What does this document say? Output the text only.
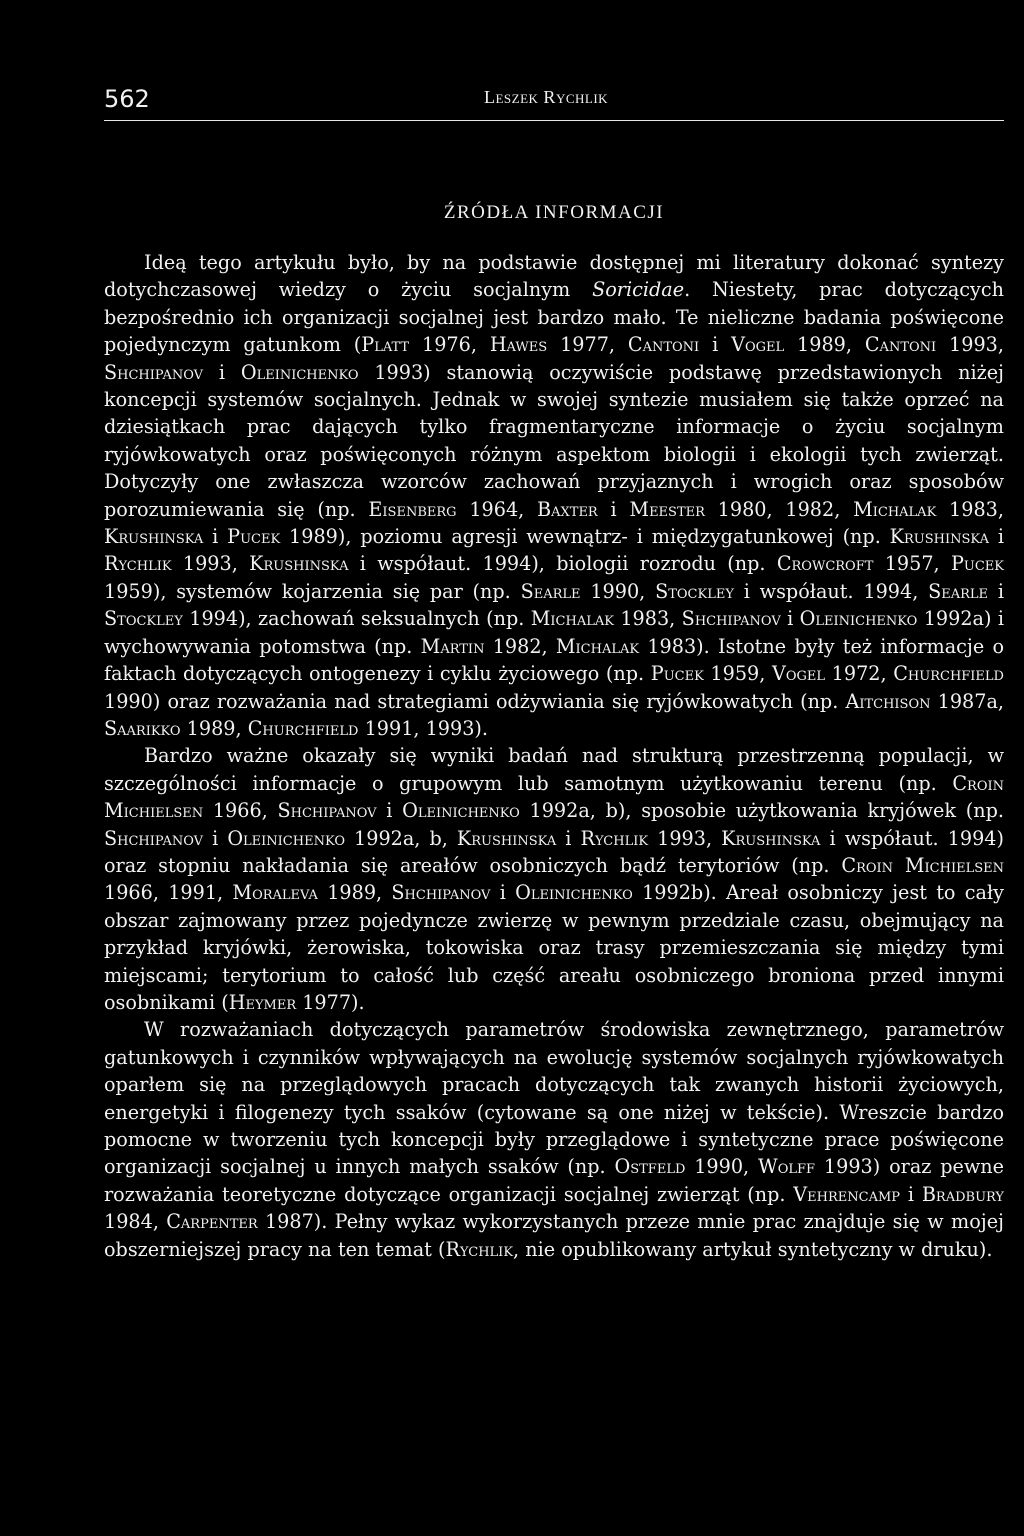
562	Leszek Rychlik
ŹRÓDŁA INFORMACJI

Ideą tego artykułu było, by na podstawie dostępnej mi literatury dokonać syntezy dotychczasowej wiedzy o życiu socjalnym Soricidae. Niestety, prac dotyczących bezpośrednio ich organizacji socjalnej jest bardzo mało. Te nieliczne badania poświęcone pojedynczym gatunkom (Platt 1976, Hawes 1977, Cantoni i Vogel 1989, Cantoni 1993, Shchipanov i Oleinichenko 1993) stanowią oczywiście podstawę przedstawionych niżej koncepcji systemów socjalnych. Jednak w swojej syntezie musiałem się także oprzeć na dziesiątkach prac dających tylko fragmentaryczne informacje o życiu socjalnym ryjówkowatych oraz poświęconych różnym aspektom biologii i ekologii tych zwierząt. Dotyczyły one zwłaszcza wzorców zachowań przyjaznych i wrogich oraz sposobów porozumiewania się (np. Eisenberg 1964, Baxter i Meester 1980, 1982, Michalak 1983, Krushinska i Pucek 1989), poziomu agresji wewnątrz- i międzygatunkowej (np. Krushinska i Rychlik 1993, Krushinska i współaut. 1994), biologii rozrodu (np. Crowcroft 1957, Pucek 1959), systemów kojarzenia się par (np. Searle 1990, Stockley i współaut. 1994, Searle i Stockley 1994), zachowań seksualnych (np. Michalak 1983, Shchipanov i Oleinichenko 1992a) i wychowywania potomstwa (np. Martin 1982, Michalak 1983). Istotne były też informacje o faktach dotyczących ontogenezy i cyklu życiowego (np. Pucek 1959, Vogel 1972, Churchfield 1990) oraz rozważania nad strategiami odżywiania się ryjówkowatych (np. Aitchison 1987a, Saarikko 1989, Churchfield 1991, 1993).

Bardzo ważne okazały się wyniki badań nad strukturą przestrzenną populacji, w szczególności informacje o grupowym lub samotnym użytkowaniu terenu (np. Croin Michielsen 1966, Shchipanov i Oleinichenko 1992a, b), sposobie użytkowania kryjówek (np. Shchipanov i Oleinichenko 1992a, b, Krushinska i Rychlik 1993, Krushinska i współaut. 1994) oraz stopniu nakładania się areałów osobniczych bądź terytoriów (np. Croin Michielsen 1966, 1991, Moraleva 1989, Shchipanov i Oleinichenko 1992b). Areał osobniczy jest to cały obszar zajmowany przez pojedyncze zwierzę w pewnym przedziale czasu, obejmujący na przykład kryjówki, żerowiska, tokowiska oraz trasy przemieszczania się między tymi miejscami; terytorium to całość lub część areału osobniczego broniona przed innymi osobnikami (Heymer 1977).

W rozważaniach dotyczących parametrów środowiska zewnętrznego, parametrów gatunkowych i czynników wpływających na ewolucję systemów socjalnych ryjówkowatych oparłem się na przeglądowych pracach dotyczących tak zwanych historii życiowych, energetyki i filogenezy tych ssaków (cytowane są one niżej w tekście). Wreszcie bardzo pomocne w tworzeniu tych koncepcji były przeglądowe i syntetyczne prace poświęcone organizacji socjalnej u innych małych ssaków (np. Ostfeld 1990, Wolff 1993) oraz pewne rozważania teoretyczne dotyczące organizacji socjalnej zwierząt (np. Vehrencamp i Bradbury 1984, Carpenter 1987). Pełny wykaz wykorzystanych przeze mnie prac znajduje się w mojej obszerniejszej pracy na ten temat (Rychlik, nie opublikowany artykuł syntetyczny w druku).
